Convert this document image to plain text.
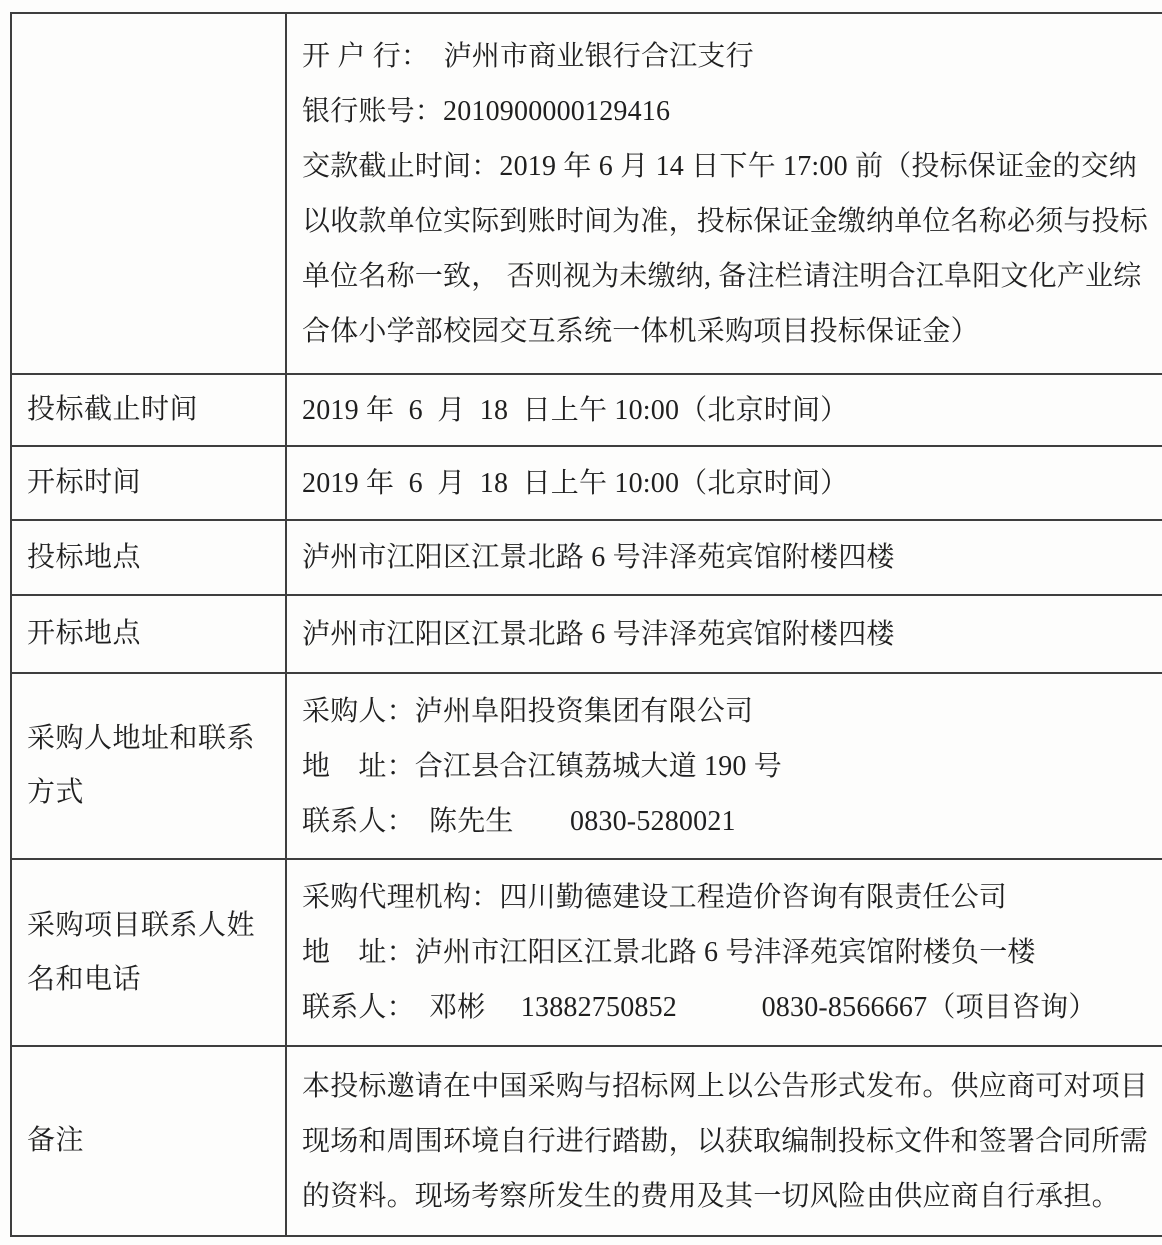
开 户 行：  泸州市商业银行合江支行
银行账号：2010900000129416
交款截止时间：2019 年 6 月 14 日下午 17:00 前（投标保证金的交纳
以收款单位实际到账时间为准，投标保证金缴纳单位名称必须与投标
单位名称一致， 否则视为未缴纳, 备注栏请注明合江阜阳文化产业综
合体小学部校园交互系统一体机采购项目投标保证金）

投标截止时间	2019 年  6  月  18  日上午 10:00（北京时间）

开标时间	2019 年  6  月  18  日上午 10:00（北京时间）

投标地点	泸州市江阳区江景北路 6 号沣泽苑宾馆附楼四楼

开标地点	泸州市江阳区江景北路 6 号沣泽苑宾馆附楼四楼

采购人地址和联系方式	采购人：泸州阜阳投资集团有限公司
地　址：合江县合江镇荔城大道 190 号
联系人：　陈先生　　0830-5280021

采购项目联系人姓名和电话	采购代理机构：四川勤德建设工程造价咨询有限责任公司
地　址：泸州市江阳区江景北路 6 号沣泽苑宾馆附楼负一楼
联系人：　邓彬　 13882750852　　　0830-8566667（项目咨询）

备注	本投标邀请在中国采购与招标网上以公告形式发布。供应商可对项目
现场和周围环境自行进行踏勘，以获取编制投标文件和签署合同所需
的资料。现场考察所发生的费用及其一切风险由供应商自行承担。
